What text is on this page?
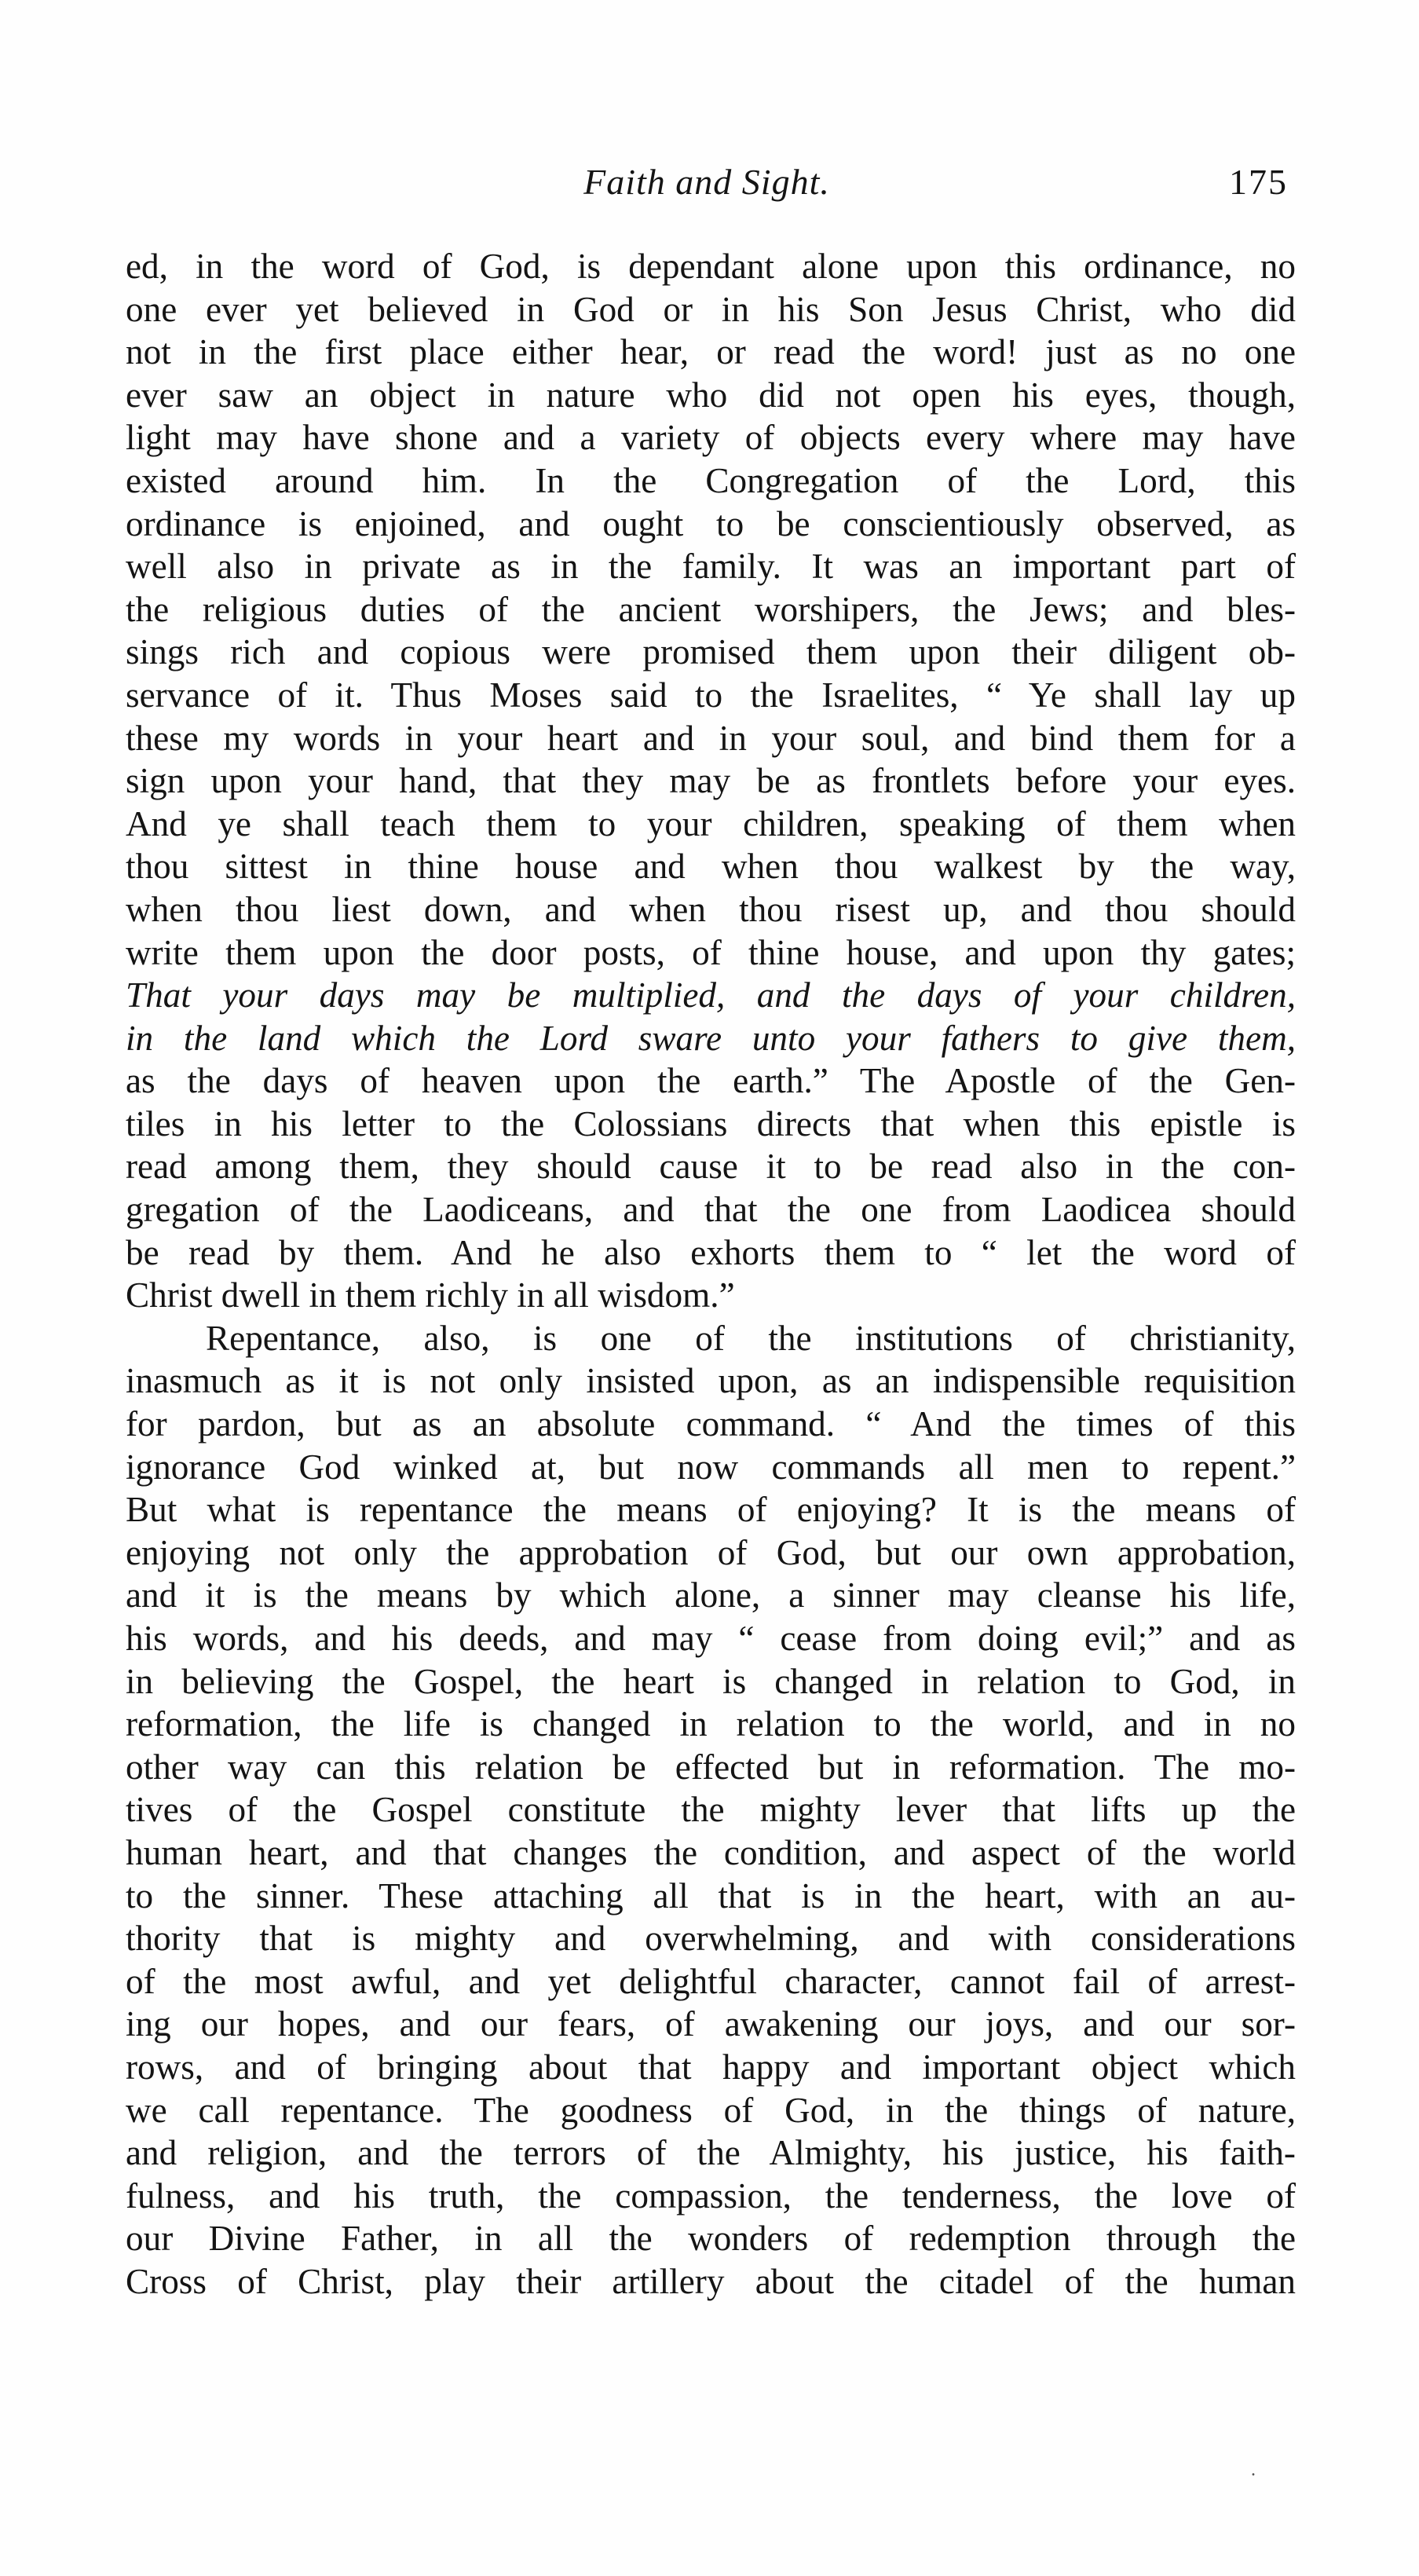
Faith and Sight.	175
ed, in the word of God, is dependant alone upon this ordinance, no
one ever yet believed in God or in his Son Jesus Christ, who did
not in the first place either hear, or read the word! just as no one
ever saw an object in nature who did not open his eyes, though,
light may have shone and a variety of objects every where may have
existed around him. In the Congregation of the Lord, this
ordinance is enjoined, and ought to be conscientiously observed, as
well also in private as in the family. It was an important part of
the religious duties of the ancient worshipers, the Jews; and bles-
sings rich and copious were promised them upon their diligent ob-
servance of it. Thus Moses said to the Israelites, “ Ye shall lay up
these my words in your heart and in your soul, and bind them for a
sign upon your hand, that they may be as frontlets before your eyes.
And ye shall teach them to your children, speaking of them when
thou sittest in thine house and when thou walkest by the way,
when thou liest down, and when thou risest up, and thou should
write them upon the door posts, of thine house, and upon thy gates;
That your days may be multiplied, and the days of your children,
in the land which the Lord sware unto your fathers to give them,
as the days of heaven upon the earth.” The Apostle of the Gen-
tiles in his letter to the Colossians directs that when this epistle is
read among them, they should cause it to be read also in the con-
gregation of the Laodiceans, and that the one from Laodicea should
be read by them. And he also exhorts them to “ let the word of
Christ dwell in them richly in all wisdom.”
Repentance, also, is one of the institutions of christianity,
inasmuch as it is not only insisted upon, as an indispensible requisition
for pardon, but as an absolute command. “ And the times of this
ignorance God winked at, but now commands all men to repent.”
But what is repentance the means of enjoying? It is the means of
enjoying not only the approbation of God, but our own approbation,
and it is the means by which alone, a sinner may cleanse his life,
his words, and his deeds, and may “ cease from doing evil;” and as
in believing the Gospel, the heart is changed in relation to God, in
reformation, the life is changed in relation to the world, and in no
other way can this relation be effected but in reformation. The mo-
tives of the Gospel constitute the mighty lever that lifts up the
human heart, and that changes the condition, and aspect of the world
to the sinner. These attaching all that is in the heart, with an au-
thority that is mighty and overwhelming, and with considerations
of the most awful, and yet delightful character, cannot fail of arrest-
ing our hopes, and our fears, of awakening our joys, and our sor-
rows, and of bringing about that happy and important object which
we call repentance. The goodness of God, in the things of nature,
and religion, and the terrors of the Almighty, his justice, his faith-
fulness, and his truth, the compassion, the tenderness, the love of
our Divine Father, in all the wonders of redemption through the
Cross of Christ, play their artillery about the citadel of the human
.
